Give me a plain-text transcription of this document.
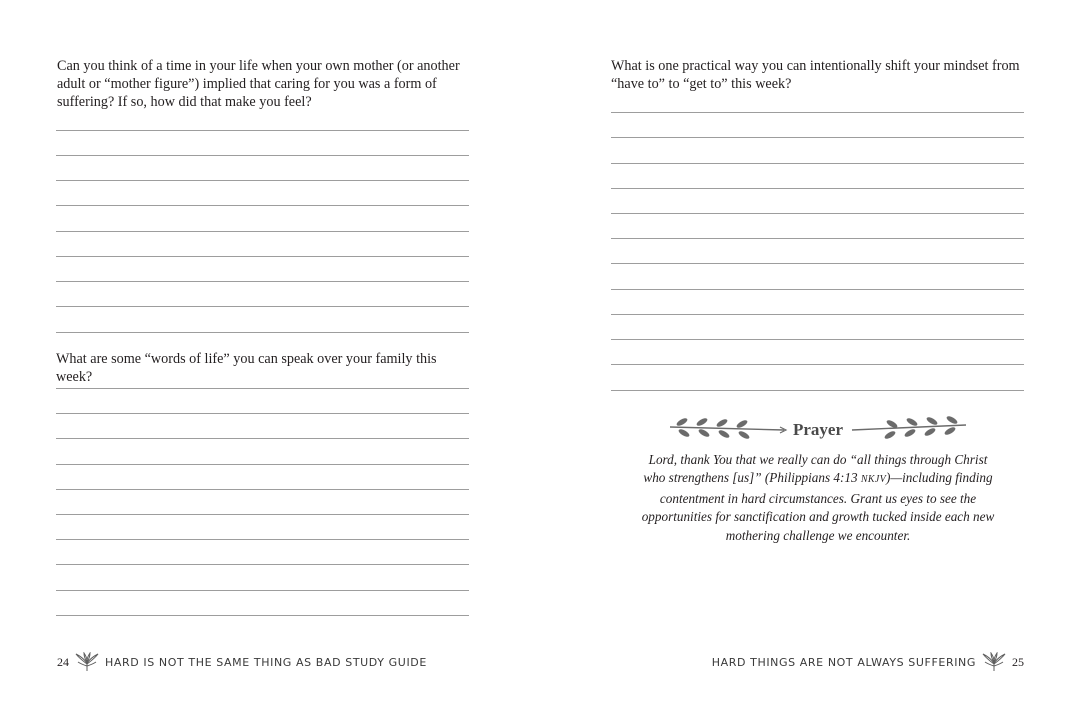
Can you think of a time in your life when your own mother (or another adult or “mother figure”) implied that caring for you was a form of suffering? If so, how did that make you feel?

What are some “words of life” you can speak over your family this week?

24	HARD IS NOT THE SAME THING AS BAD STUDY GUIDE

What is one practical way you can intentionally shift your mindset from “have to” to “get to” this week?

Prayer

Lord, thank You that we really can do “all things through Christ who strengthens [us]” (Philippians 4:13 NKJV)—including finding contentment in hard circumstances. Grant us eyes to see the opportunities for sanctification and growth tucked inside each new mothering challenge we encounter.

HARD THINGS ARE NOT ALWAYS SUFFERING	25
